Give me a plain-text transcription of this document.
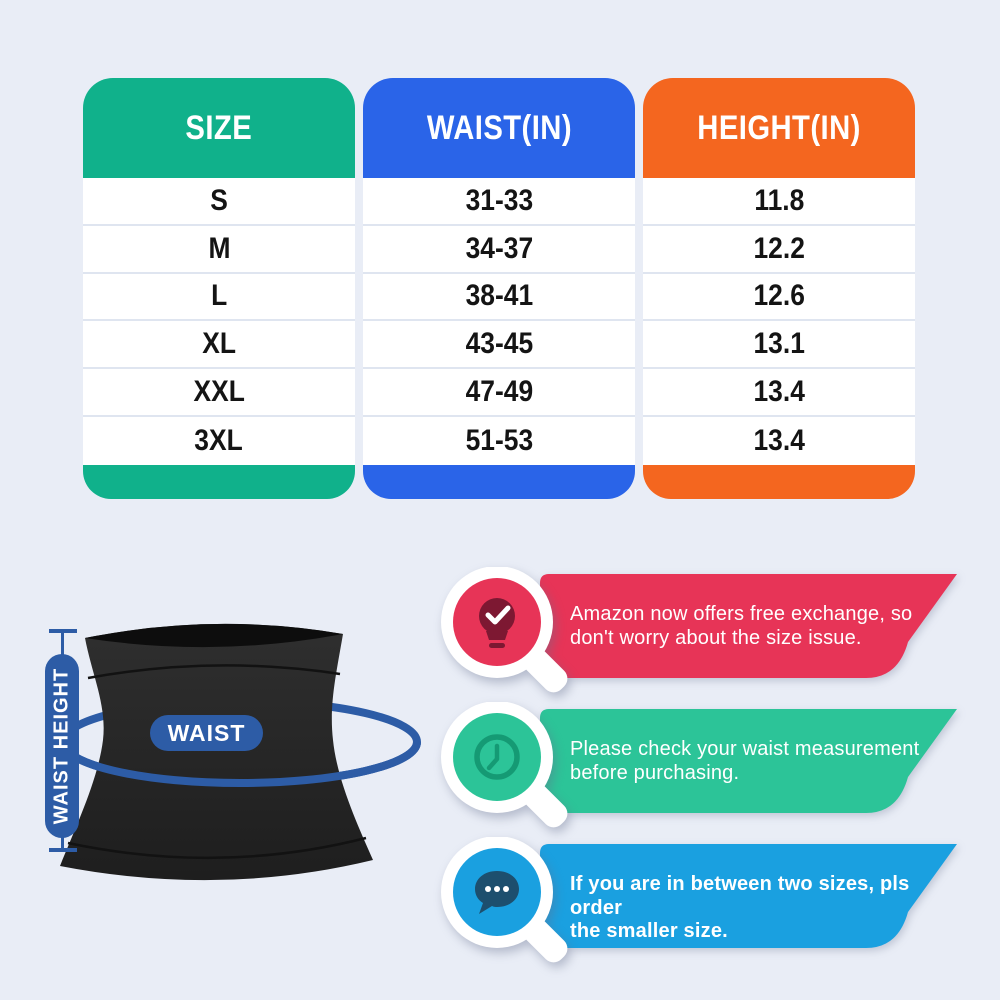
SIZE
S
M
L
XL
XXL
3XL
WAIST(IN)
31-33
34-37
38-41
43-45
47-49
51-53
HEIGHT(IN)
11.8
12.2
12.6
13.1
13.4
13.4
WAIST HEIGHT	WAIST
Amazon now offers free exchange, so
don't worry about the size issue.
Please check your waist measurement
before purchasing.
If you are in between two sizes, pls order
the smaller size.
